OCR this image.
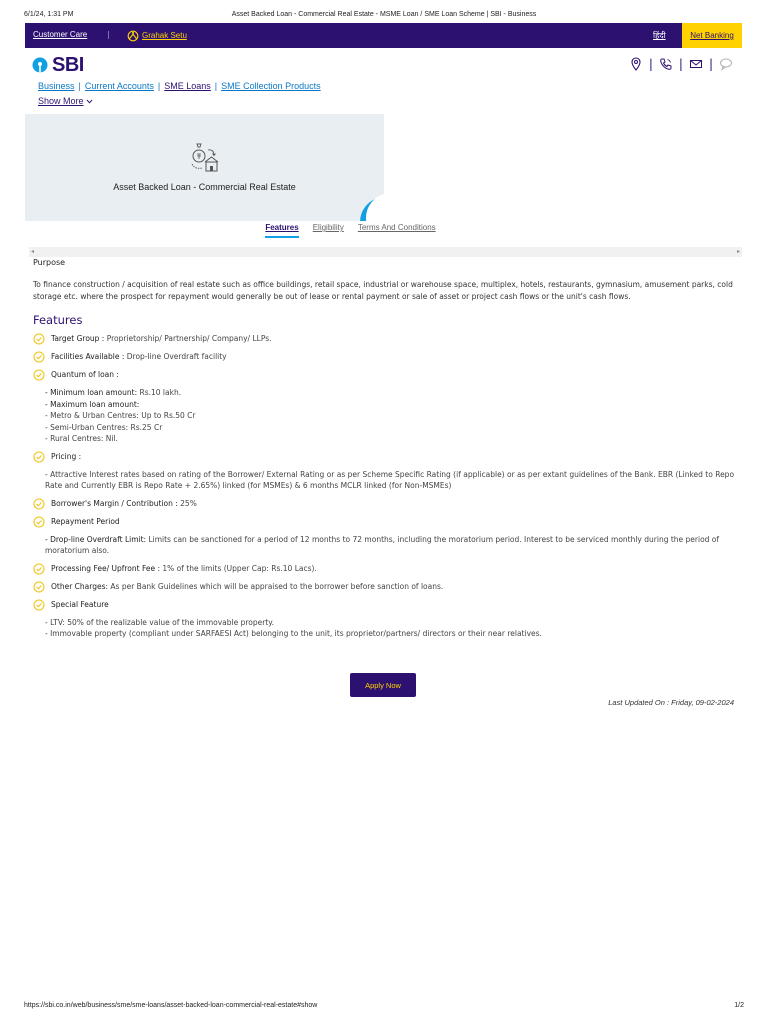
6/1/24, 1:31 PM	Asset Backed Loan - Commercial Real Estate - MSME Loan / SME Loan Scheme | SBI - Business
Customer Care |	Grahak Setu	हिंदी	Net Banking
SBI	| | |
Business | Current Accounts | SME Loans | SME Collection Products
Show More
Asset Backed Loan - Commercial Real Estate
Features Eligibility Terms And Conditions
◂	▸
Purpose

To finance construction / acquisition of real estate such as office buildings, retail space, industrial or warehouse space, multiplex, hotels, restaurants, gymnasium, amusement parks, cold storage etc. where the prospect for repayment would generally be out of lease or rental payment or sale of asset or project cash flows or the unit's cash flows.

Features
Target Group : Proprietorship/ Partnership/ Company/ LLPs.
Facilities Available : Drop-line Overdraft facility
Quantum of loan :
- Minimum loan amount: Rs.10 lakh.
- Maximum loan amount:
- Metro & Urban Centres: Up to Rs.50 Cr
- Semi-Urban Centres: Rs.25 Cr
- Rural Centres: Nil.
Pricing :
- Attractive Interest rates based on rating of the Borrower/ External Rating or as per Scheme Specific Rating (if applicable) or as per extant guidelines of the Bank. EBR (Linked to Repo Rate and Currently EBR is Repo Rate + 2.65%) linked (for MSMEs) & 6 months MCLR linked (for Non-MSMEs)
Borrower's Margin / Contribution : 25%
Repayment Period
- Drop-line Overdraft Limit: Limits can be sanctioned for a period of 12 months to 72 months, including the moratorium period. Interest to be serviced monthly during the period of moratorium also.
Processing Fee/ Upfront Fee : 1% of the limits (Upper Cap: Rs.10 Lacs).
Other Charges: As per Bank Guidelines which will be appraised to the borrower before sanction of loans.
Special Feature
- LTV: 50% of the realizable value of the immovable property.
- Immovable property (compliant under SARFAESI Act) belonging to the unit, its proprietor/partners/ directors or their near relatives.
Apply Now
Last Updated On : Friday, 09-02-2024
https://sbi.co.in/web/business/sme/sme-loans/asset-backed-loan-commercial-real-estate#show	1/2
